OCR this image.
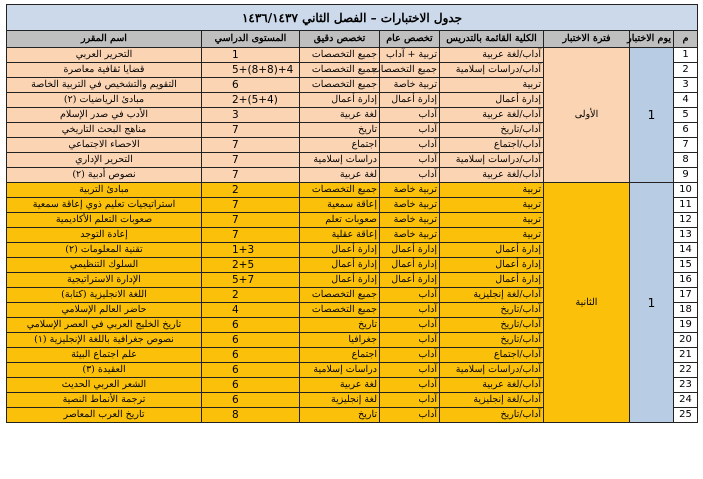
جدول الاختبارات – الفصل الثاني ١٤٣٦/١٤٣٧							
اسم المقرر	المستوى الدراسي	تخصص دقيق	تخصص عام	الكلية القائمة بالتدريس	فترة الاختبار	يوم الاختبار	م
التحرير العربي	1	جميع التخصصات	تربية + آداب	آداب/لغة عربية	الأولى	1	1
قضايا ثقافية معاصرة	5+(8+8)+4	جميع التخصصات	جميع التخصصات	آداب/دراسات إسلامية			2
التقويم والتشخيص في التربية الخاصة	6	جميع التخصصات	تربية خاصة	تربية			3
مبادئ الرياضيات (٢)	2+(5+4)	إدارة أعمال	إدارة أعمال	إدارة أعمال			4
الأدب في صدر الإسلام	3	لغة عربية	آداب	آداب/لغة عربية			5
مناهج البحث التاريخي	7	تاريخ	آداب	آداب/تاريخ			6
الاحصاء الاجتماعي	7	اجتماع	آداب	آداب/اجتماع			7
التحرير الإداري	7	دراسات إسلامية	آداب	آداب/دراسات إسلامية			8
نصوص أدبية (٢)	7	لغة عربية	آداب	آداب/لغة عربية			9
مبادئ التربية	2	جميع التخصصات	تربية خاصة	تربية	الثانية	1	10
استراتيجيات تعليم ذوي إعاقة سمعية	7	إعاقة سمعية	تربية خاصة	تربية			11
صعوبات التعلم الأكاديمية	7	صعوبات تعلم	تربية خاصة	تربية			12
إعادة التوجد	7	إعاقة عقلية	تربية خاصة	تربية			13
تقنية المعلومات (٢)	1+3	إدارة أعمال	إدارة أعمال	إدارة أعمال			14
السلوك التنظيمي	2+5	إدارة أعمال	إدارة أعمال	إدارة أعمال			15
الإدارة الاستراتيجية	5+7	إدارة أعمال	إدارة أعمال	إدارة أعمال			16
اللغة الانجليزية (كتابة)	2	جميع التخصصات	آداب	آداب/لغة إنجليزية			17
حاضر العالم الإسلامي	4	جميع التخصصات	آداب	آداب/تاريخ			18
تاريخ الخليج العربي في العصر الإسلامي	6	تاريخ	آداب	آداب/تاريخ			19
نصوص جغرافية باللغة الإنجليزية (١)	6	جغرافيا	آداب	آداب/تاريخ			20
علم اجتماع البيئة	6	اجتماع	آداب	آداب/اجتماع			21
العقيدة (٣)	6	دراسات إسلامية	آداب	آداب/دراسات إسلامية			22
الشعر العربي الحديث	6	لغة عربية	آداب	آداب/لغة عربية			23
ترجمة الأنماط النصية	6	لغة إنجليزية	آداب	آداب/لغة إنجليزية			24
تاريخ العرب المعاصر	8	تاريخ	آداب	آداب/تاريخ			25
